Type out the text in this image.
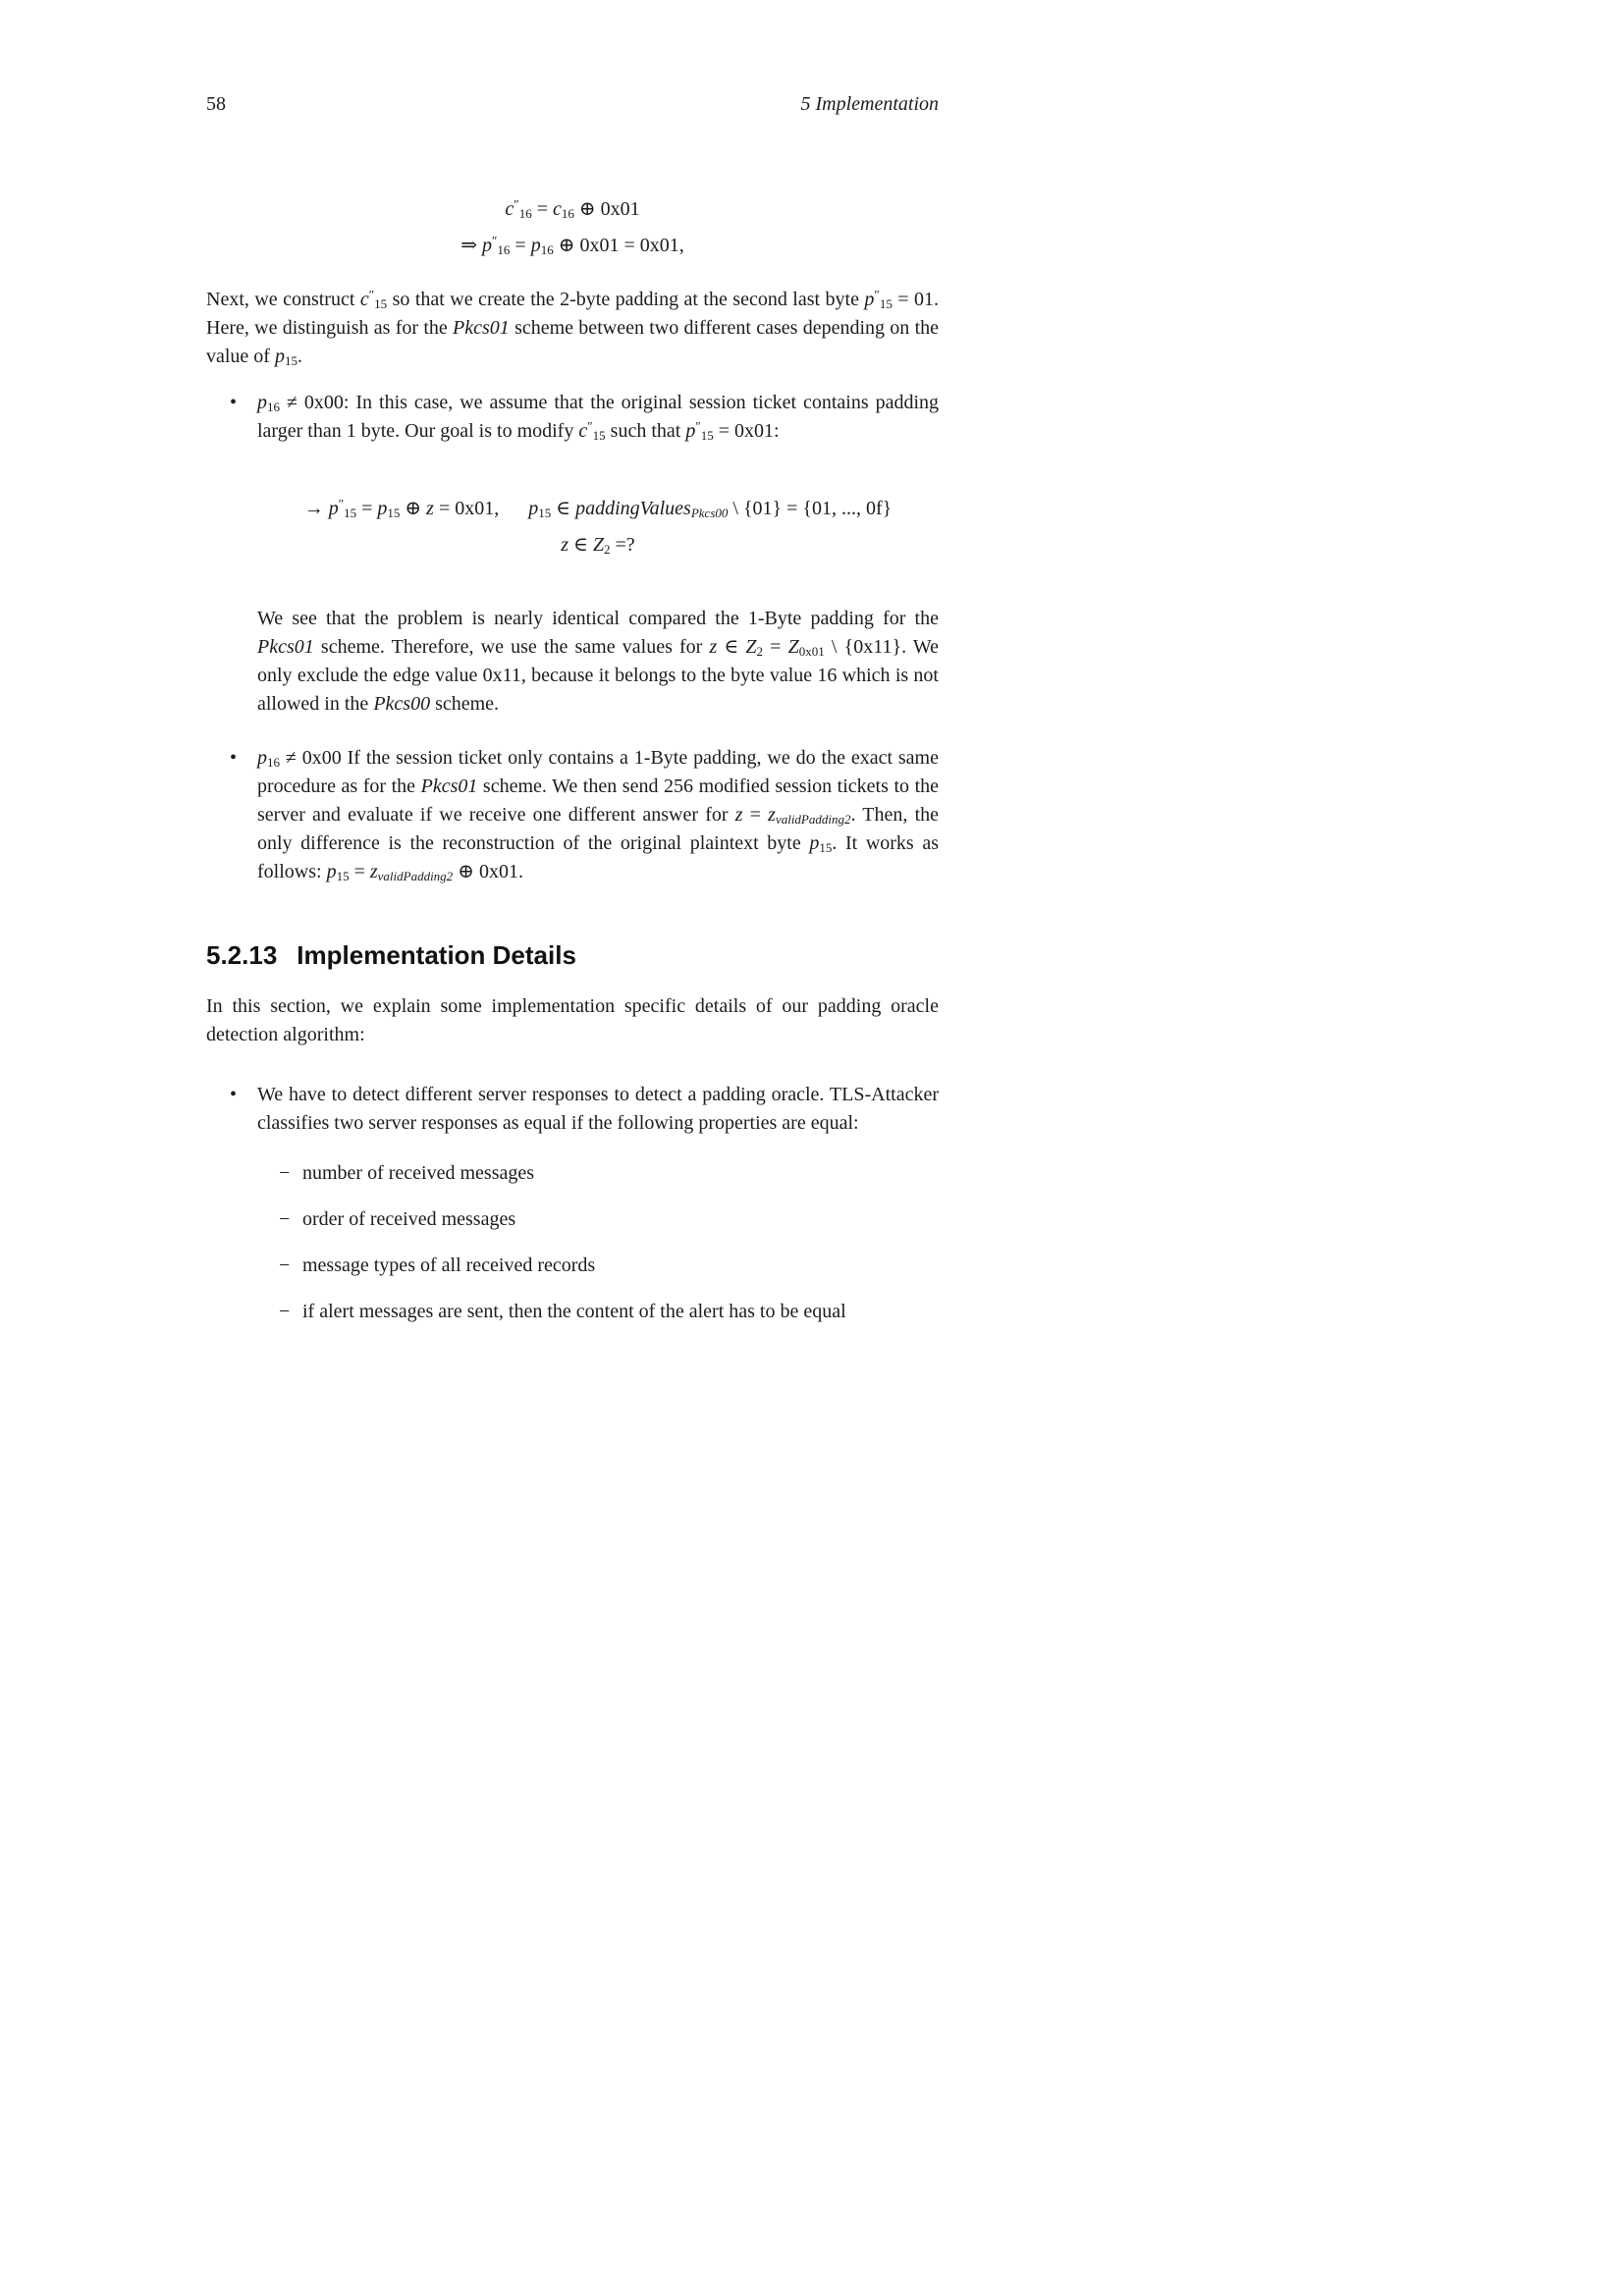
58	5 Implementation
$c''_{16} = c_{16}$ ⊕ 0x01
⇒ $p''_{16} = p_{16}$ ⊕ 0x01 = 0x01,

Next, we construct $c''_{15}$ so that we create the 2-byte padding at the second last byte $p''_{15} = 01$. Here, we distinguish as for the Pkcs01 scheme between two different cases depending on the value of $p_{15}$.

• $p_{16} \ne 0x00$: In this case, we assume that the original session ticket contains padding larger than 1 byte. Our goal is to modify $c''_{15}$ such that $p''_{15} = 0x01$:
→ $p''_{15} = p_{15}$ ⊕ z = 0x01,  $p_{15}$ ∈ paddingValues$_{Pkcs00}$ \ {01} = {01, ..., 0f}
z ∈ $Z_2$ =?
We see that the problem is nearly identical compared the 1-Byte padding for the Pkcs01 scheme. Therefore, we use the same values for z ∈ $Z_2 = Z_{0x01}$ \ {0x11}. We only exclude the edge value 0x11, because it belongs to the byte value 16 which is not allowed in the Pkcs00 scheme.
• $p_{16} \ne 0x00$ If the session ticket only contains a 1-Byte padding, we do the exact same procedure as for the Pkcs01 scheme. We then send 256 modified session tickets to the server and evaluate if we receive one different answer for $z = z_{validPadding2}$. Then, the only difference is the reconstruction of the original plaintext byte $p_{15}$. It works as follows: $p_{15} = z_{validPadding2}$ ⊕ 0x01.
5.2.13 Implementation Details

In this section, we explain some implementation specific details of our padding oracle detection algorithm:

• We have to detect different server responses to detect a padding oracle. TLS-Attacker classifies two server responses as equal if the following properties are equal:
− number of received messages
− order of received messages
− message types of all received records
− if alert messages are sent, then the content of the alert has to be equal
